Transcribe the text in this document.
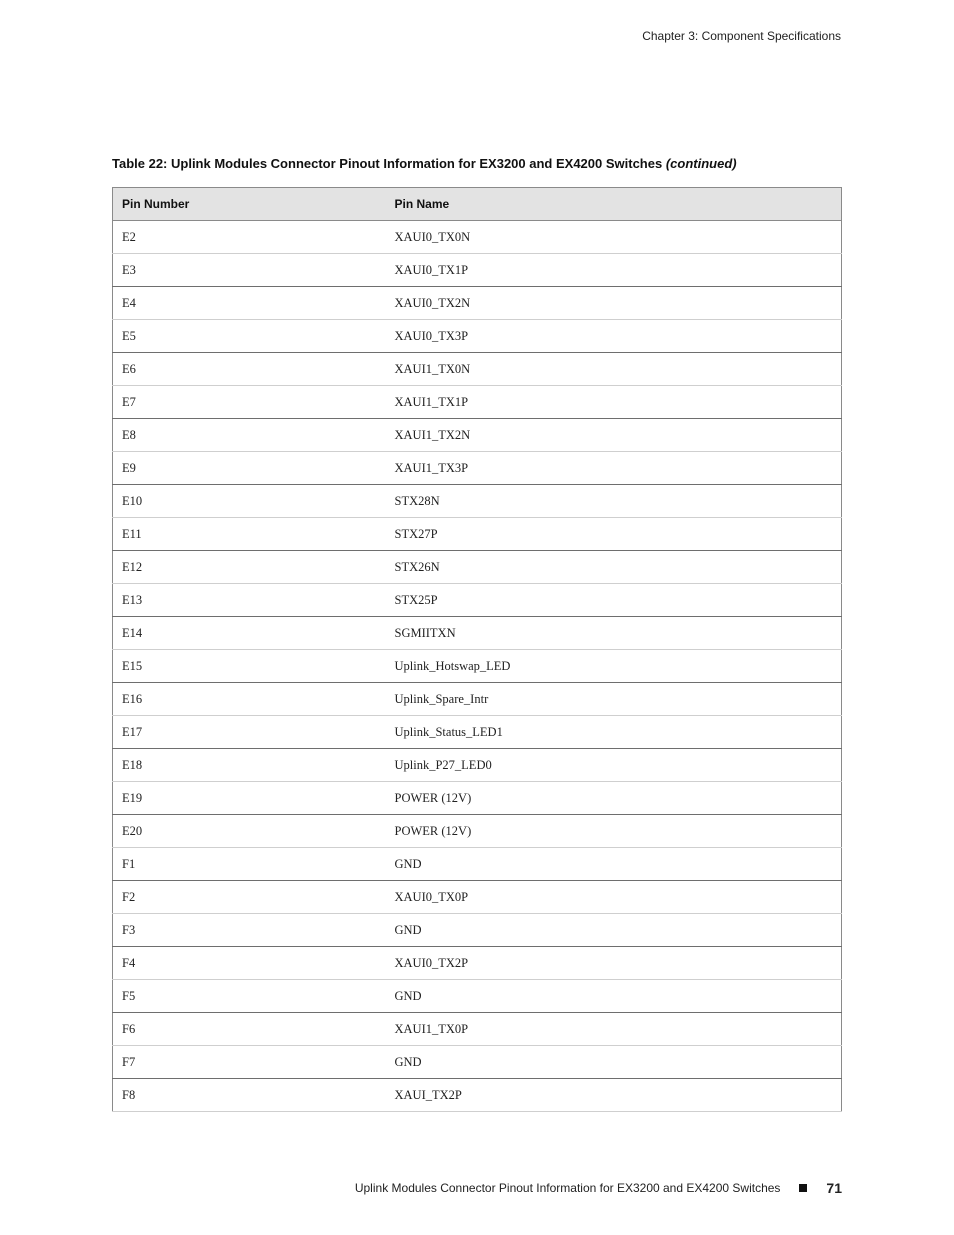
Chapter 3: Component Specifications
Table 22: Uplink Modules Connector Pinout Information for EX3200 and EX4200 Switches (continued)
Pin Number	Pin Name
E2	XAUI0_TX0N
E3	XAUI0_TX1P
E4	XAUI0_TX2N
E5	XAUI0_TX3P
E6	XAUI1_TX0N
E7	XAUI1_TX1P
E8	XAUI1_TX2N
E9	XAUI1_TX3P
E10	STX28N
E11	STX27P
E12	STX26N
E13	STX25P
E14	SGMIITXN
E15	Uplink_Hotswap_LED
E16	Uplink_Spare_Intr
E17	Uplink_Status_LED1
E18	Uplink_P27_LED0
E19	POWER (12V)
E20	POWER (12V)
F1	GND
F2	XAUI0_TX0P
F3	GND
F4	XAUI0_TX2P
F5	GND
F6	XAUI1_TX0P
F7	GND
F8	XAUI_TX2P
Uplink Modules Connector Pinout Information for EX3200 and EX4200 Switches	71
